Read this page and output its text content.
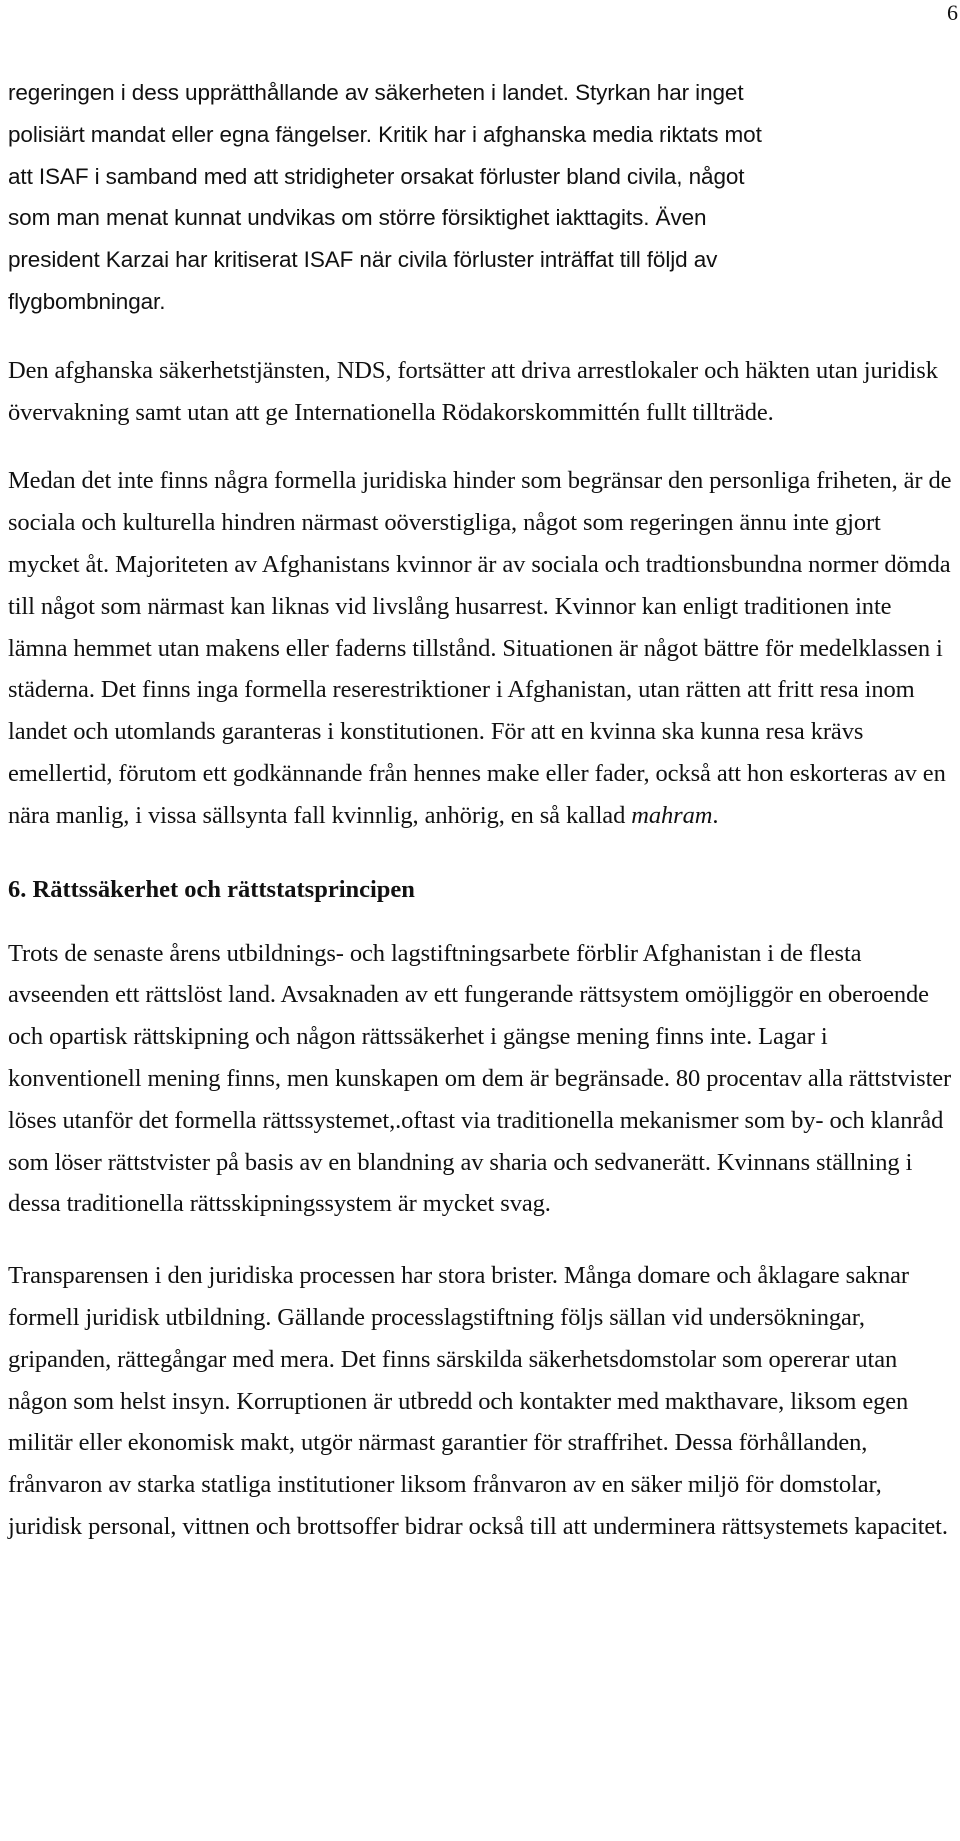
6

regeringen i dess upprätthållande av säkerheten i landet. Styrkan har inget
polisiärt mandat eller egna fängelser. Kritik har i afghanska media riktats mot
att ISAF i samband med att stridigheter orsakat förluster bland civila, något
som man menat kunnat undvikas om större försiktighet iakttagits. Även
president Karzai har kritiserat ISAF när civila förluster inträffat till följd av
flygbombningar.

Den afghanska säkerhetstjänsten, NDS, fortsätter att driva arrestlokaler och häkten utan juridisk övervakning samt utan att ge Internationella Rödakorskommittén fullt tillträde.

Medan det inte finns några formella juridiska hinder som begränsar den personliga friheten, är de sociala och kulturella hindren närmast oöverstigliga, något som regeringen ännu inte gjort mycket åt. Majoriteten av Afghanistans kvinnor är av sociala och tradtionsbundna normer dömda till något som närmast kan liknas vid livslång husarrest. Kvinnor kan enligt traditionen inte lämna hemmet utan makens eller faderns tillstånd. Situationen är något bättre för medelklassen i städerna. Det finns inga formella reserestriktioner i Afghanistan, utan rätten att fritt resa inom landet och utomlands garanteras i konstitutionen. För att en kvinna ska kunna resa krävs emellertid, förutom ett godkännande från hennes make eller fader, också att hon eskorteras av en nära manlig, i vissa sällsynta fall kvinnlig, anhörig, en så kallad mahram.

6. Rättssäkerhet och rättstatsprincipen

Trots de senaste årens utbildnings- och lagstiftningsarbete förblir Afghanistan i de flesta avseenden ett rättslöst land. Avsaknaden av ett fungerande rättsystem omöjliggör en oberoende och opartisk rättskipning och någon rättssäkerhet i gängse mening finns inte. Lagar i konventionell mening finns, men kunskapen om dem är begränsade. 80 procentav alla rättstvister löses utanför det formella rättssystemet,.oftast via traditionella mekanismer som by- och klanråd som löser rättstvister på basis av en blandning av sharia och sedvanerätt. Kvinnans ställning i dessa traditionella rättsskipningssystem är mycket svag.

Transparensen i den juridiska processen har stora brister. Många domare och åklagare saknar formell juridisk utbildning. Gällande processlagstiftning följs sällan vid undersökningar, gripanden, rättegångar med mera. Det finns särskilda säkerhetsdomstolar som opererar utan någon som helst insyn. Korruptionen är utbredd och kontakter med makthavare, liksom egen militär eller ekonomisk makt, utgör närmast garantier för straffrihet. Dessa förhållanden, frånvaron av starka statliga institutioner liksom frånvaron av en säker miljö för domstolar, juridisk personal, vittnen och brottsoffer bidrar också till att underminera rättsystemets kapacitet.
